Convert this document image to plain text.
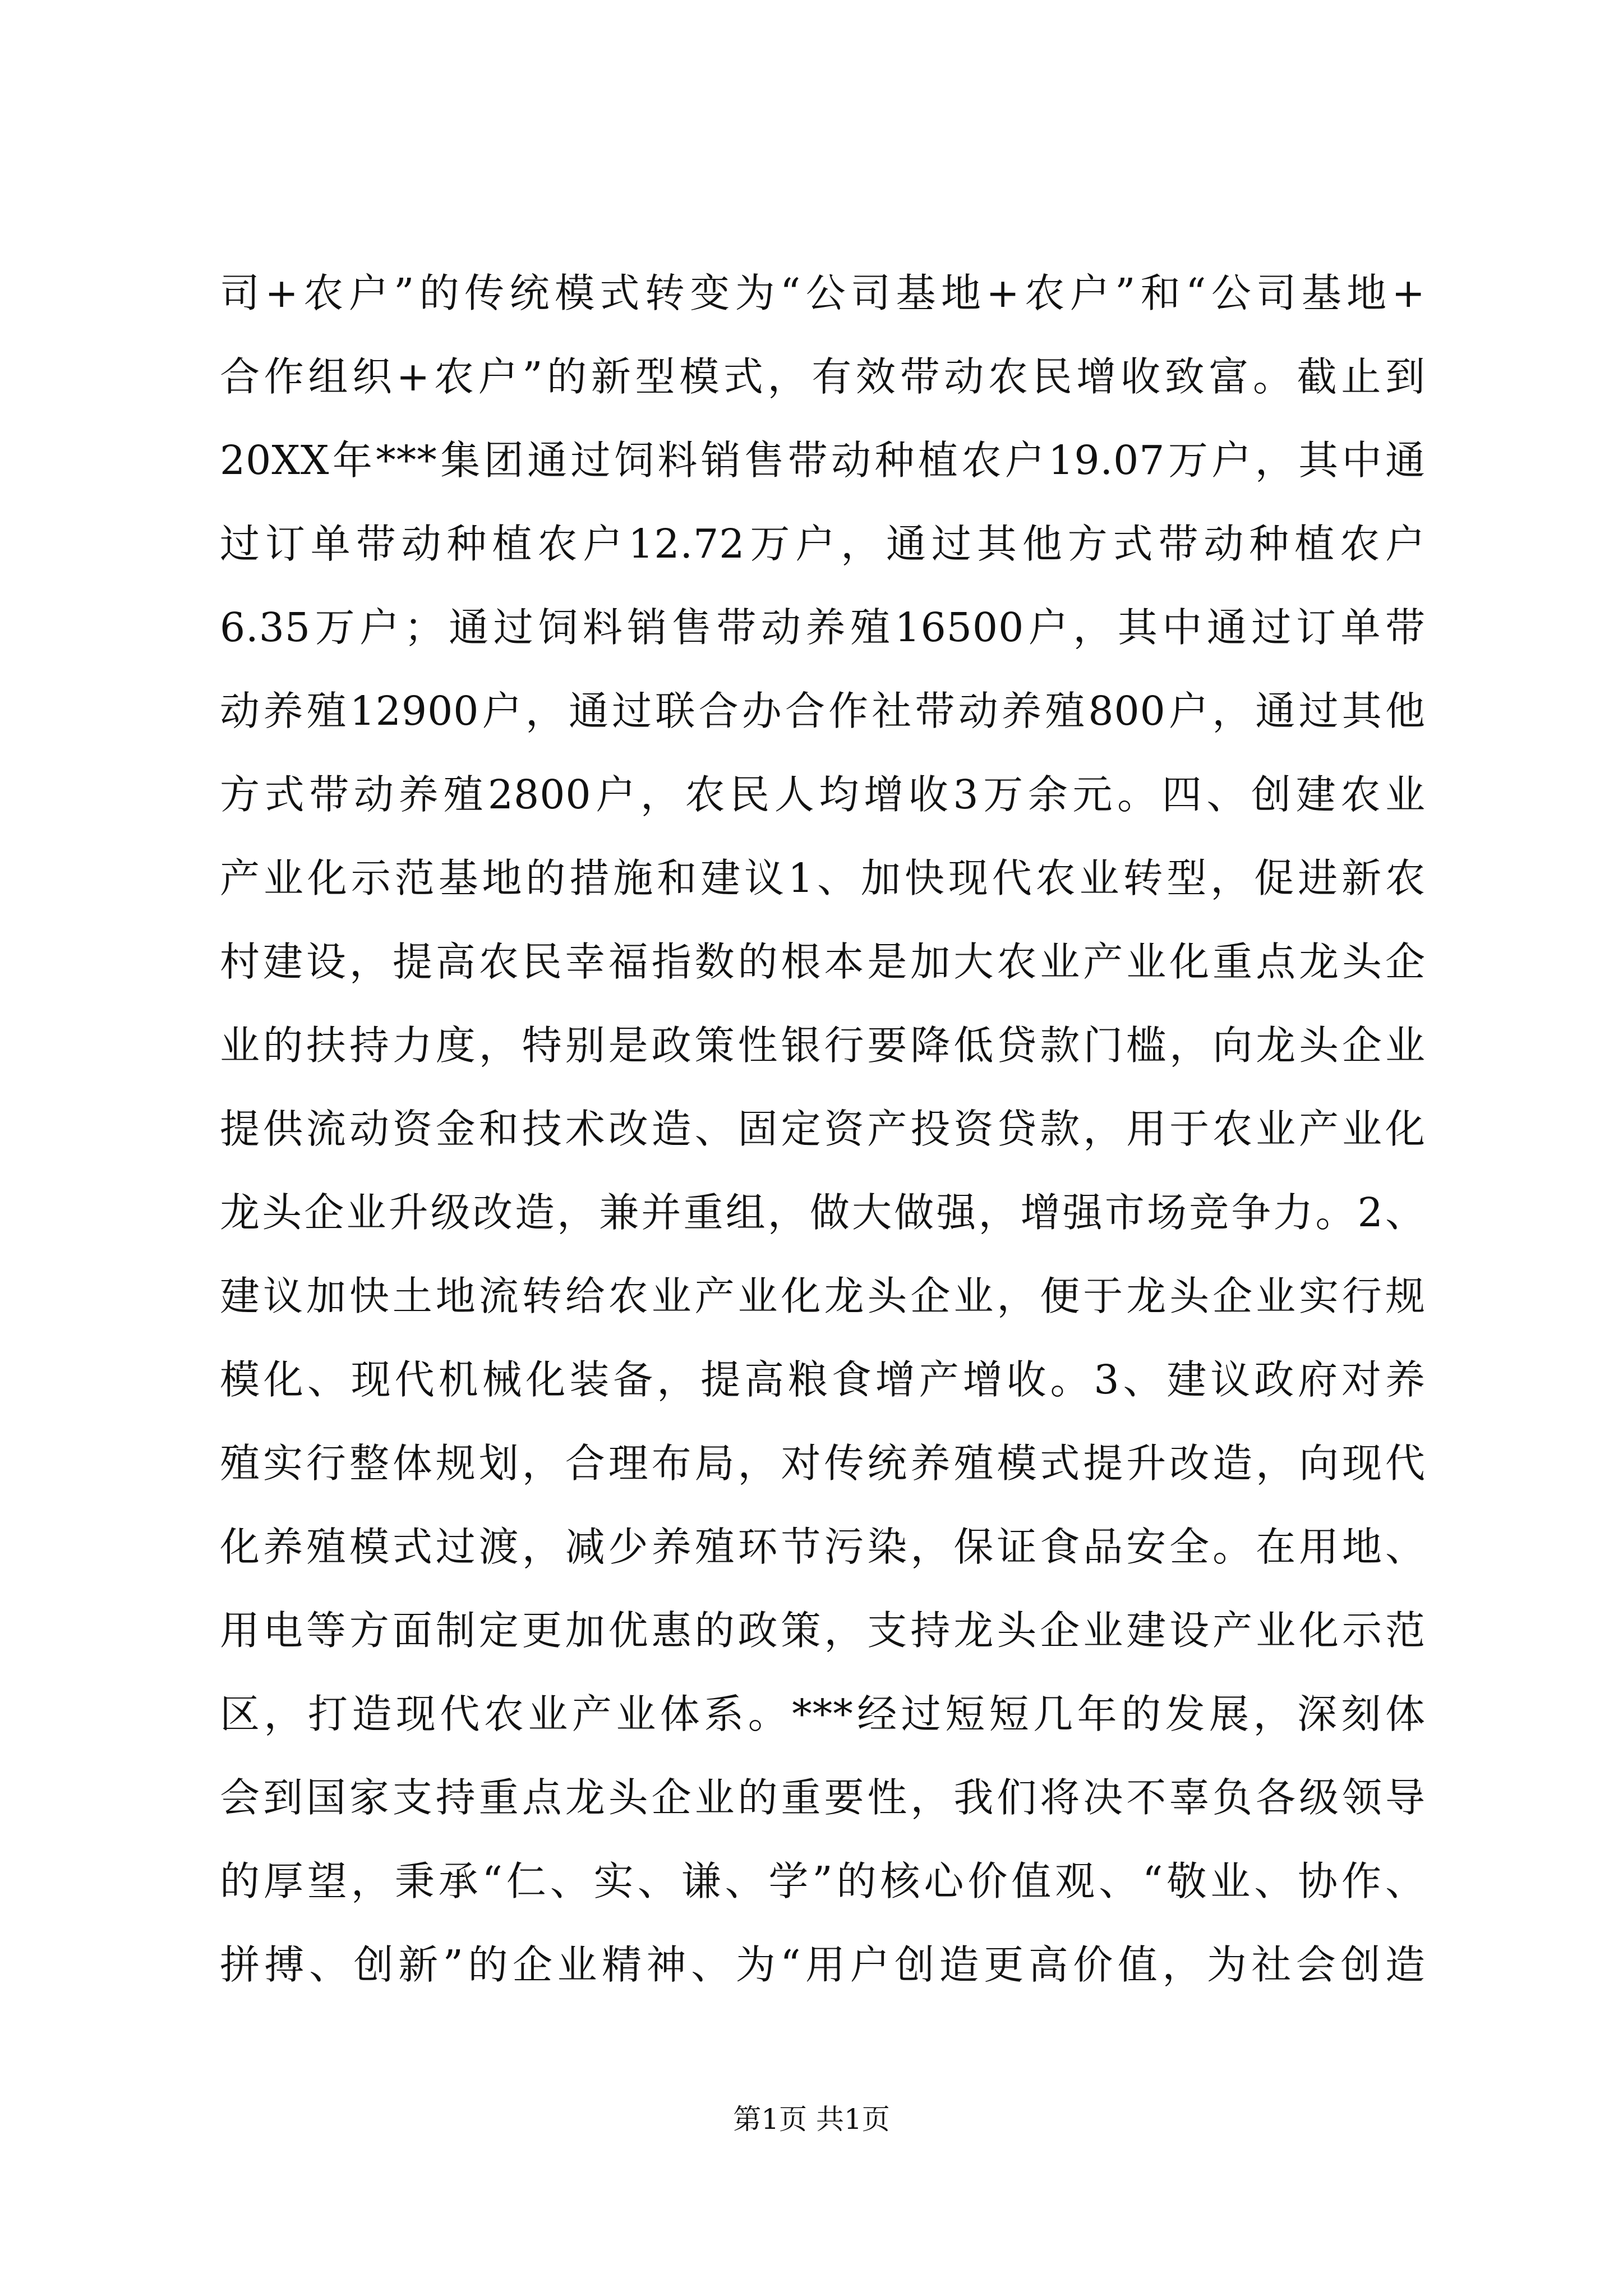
司+农户”的传统模式转变为“公司基地+农户”和“公司基地+
合作组织+农户”的新型模式，有效带动农民增收致富。截止到
20XX年***集团通过饲料销售带动种植农户19.07万户，其中通
过订单带动种植农户12.72万户，通过其他方式带动种植农户
6.35万户；通过饲料销售带动养殖16500户，其中通过订单带
动养殖12900户，通过联合办合作社带动养殖800户，通过其他
方式带动养殖2800户，农民人均增收3万余元。四、创建农业
产业化示范基地的措施和建议1、加快现代农业转型，促进新农
村建设，提高农民幸福指数的根本是加大农业产业化重点龙头企
业的扶持力度，特别是政策性银行要降低贷款门槛，向龙头企业
提供流动资金和技术改造、固定资产投资贷款，用于农业产业化
龙头企业升级改造，兼并重组，做大做强，增强市场竞争力。2、
建议加快土地流转给农业产业化龙头企业，便于龙头企业实行规
模化、现代机械化装备，提高粮食增产增收。3、建议政府对养
殖实行整体规划，合理布局，对传统养殖模式提升改造，向现代
化养殖模式过渡，减少养殖环节污染，保证食品安全。在用地、
用电等方面制定更加优惠的政策，支持龙头企业建设产业化示范
区，打造现代农业产业体系。***经过短短几年的发展，深刻体
会到国家支持重点龙头企业的重要性，我们将决不辜负各级领导
的厚望，秉承“仁、实、谦、学”的核心价值观、“敬业、协作、
拼搏、创新”的企业精神、为“用户创造更高价值，为社会创造
第1页 共1页
